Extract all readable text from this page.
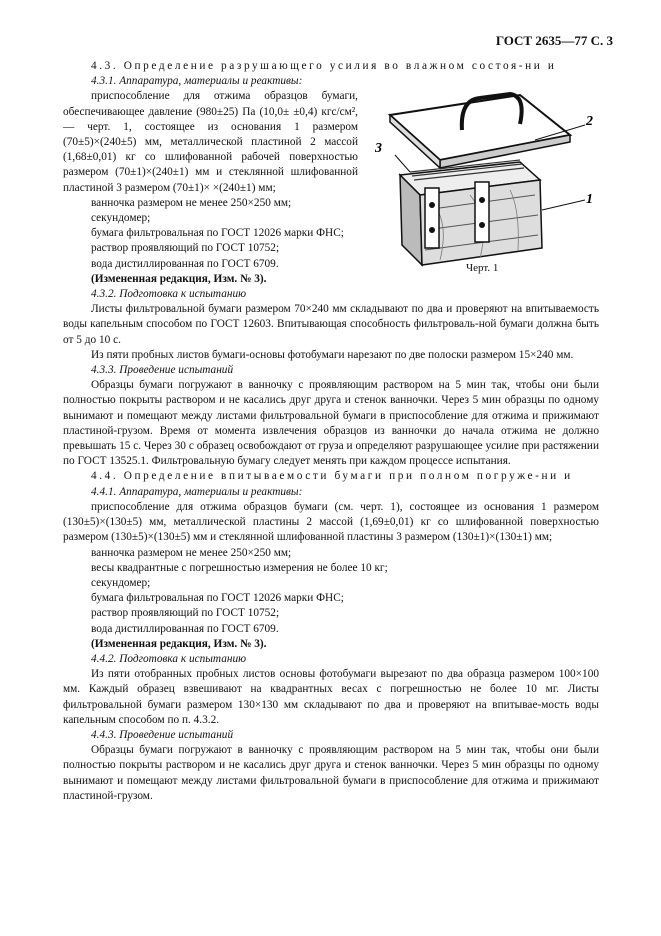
ГОСТ 2635—77 С. 3
2
1
3
Черт. 1

4.3. Определение разрушающего усилия во влажном состоя-ни и

4.3.1. Аппаратура, материалы и реактивы:

приспособление для отжима образцов бумаги, обеспечивающее давление (980±25) Па (10,0± ±0,4) кгс/см², — черт. 1, состоящее из основания 1 размером (70±5)×(240±5) мм, металлической пластиной 2 массой (1,68±0,01) кг со шлифованной рабочей поверхностью размером (70±1)×(240±1) мм и стеклянной шлифованной пластиной 3 размером (70±1)× ×(240±1) мм;

ванночка размером не менее 250×250 мм;

секундомер;

бумага фильтровальная по ГОСТ 12026 марки ФНС;

раствор проявляющий по ГОСТ 10752;

вода дистиллированная по ГОСТ 6709.

(Измененная редакция, Изм. № 3).

4.3.2. Подготовка к испытанию

Листы фильтровальной бумаги размером 70×240 мм складывают по два и проверяют на впитываемость воды капельным способом по ГОСТ 12603. Впитывающая способность фильтроваль-ной бумаги должна быть от 5 до 10 с.

Из пяти пробных листов бумаги-основы фотобумаги нарезают по две полоски размером 15×240 мм.

4.3.3. Проведение испытаний

Образцы бумаги погружают в ванночку с проявляющим раствором на 5 мин так, чтобы они были полностью покрыты раствором и не касались друг друга и стенок ванночки. Через 5 мин образцы по одному вынимают и помещают между листами фильтровальной бумаги в приспособление для отжима и прижимают пластиной-грузом. Время от момента извлечения образцов из ванночки до начала отжима не должно превышать 15 с. Через 30 с образец освобождают от груза и определяют разрушающее усилие при растяжении по ГОСТ 13525.1. Фильтровальную бумагу следует менять при каждом процессе испытания.

4.4. Определение впитываемости бумаги при полном погруже-ни и

4.4.1. Аппаратура, материалы и реактивы:

приспособление для отжима образцов бумаги (см. черт. 1), состоящее из основания 1 размером (130±5)×(130±5) мм, металлической пластины 2 массой (1,69±0,01) кг со шлифованной поверхностью размером (130±5)×(130±5) мм и стеклянной шлифованной пластины 3 размером (130±1)×(130±1) мм;

ванночка размером не менее 250×250 мм;

весы квадрантные с погрешностью измерения не более 10 кг;

секундомер;

бумага фильтровальная по ГОСТ 12026 марки ФНС;

раствор проявляющий по ГОСТ 10752;

вода дистиллированная по ГОСТ 6709.

(Измененная редакция, Изм. № 3).

4.4.2. Подготовка к испытанию

Из пяти отобранных пробных листов основы фотобумаги вырезают по два образца размером 100×100 мм. Каждый образец взвешивают на квадрантных весах с погрешностью не более 10 мг. Листы фильтровальной бумаги размером 130×130 мм складывают по два и проверяют на впитывае-мость воды капельным способом по п. 4.3.2.

4.4.3. Проведение испытаний

Образцы бумаги погружают в ванночку с проявляющим раствором на 5 мин так, чтобы они были полностью покрыты раствором и не касались друг друга и стенок ванночки. Через 5 мин образцы по одному вынимают и помещают между листами фильтровальной бумаги в приспособление для отжима и прижимают пластиной-грузом.
